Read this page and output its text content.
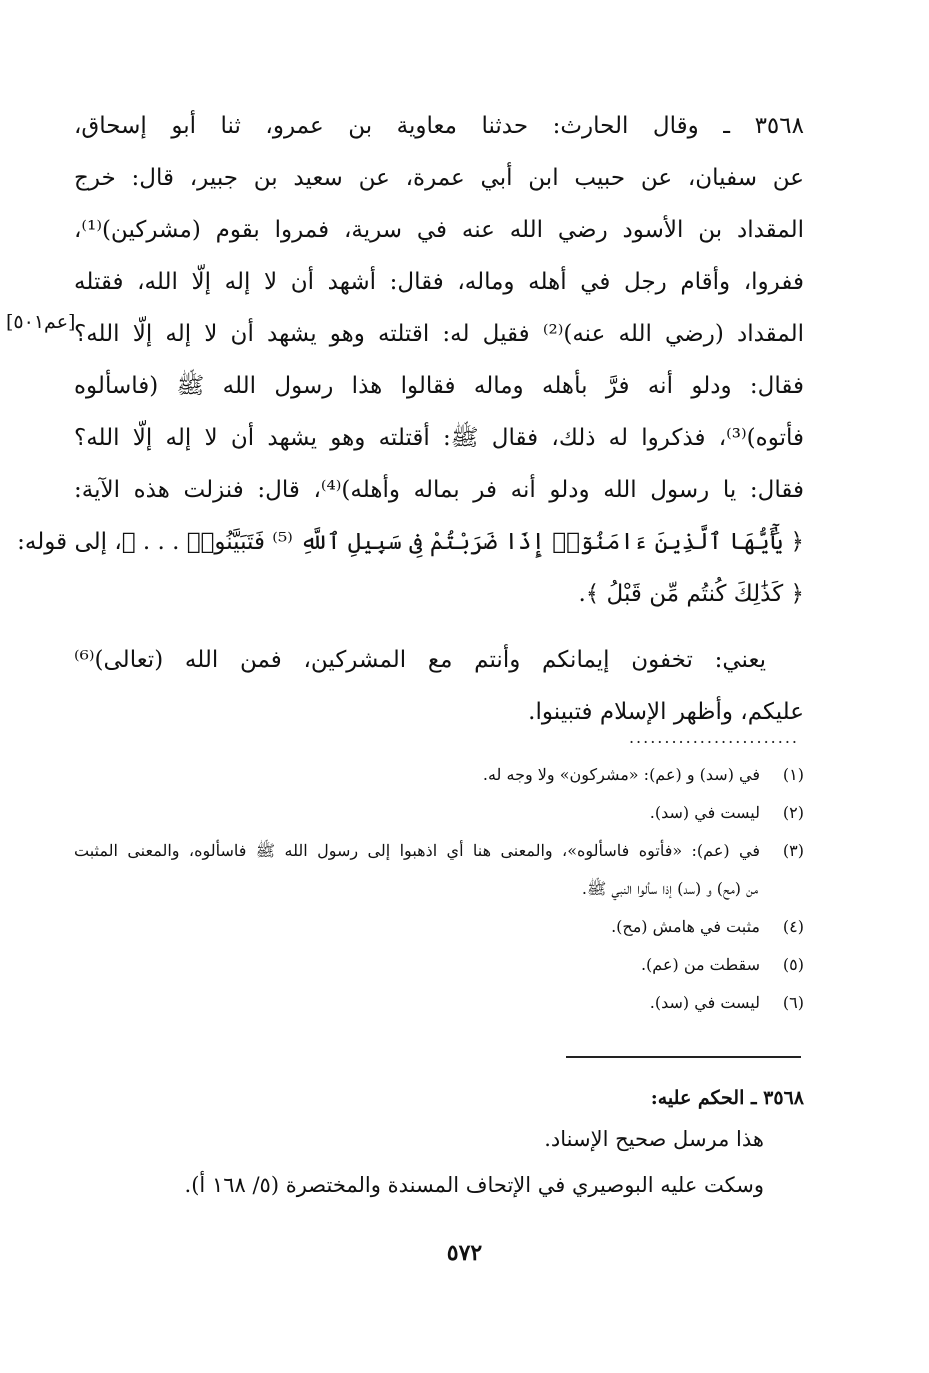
٣٥٦٨ ـ وقال الحارث: حدثنا معاوية بن عمرو، ثنا أبو إسحاق،
عن سفيان، عن حبيب ابن أبي عمرة، عن سعيد بن جبير، قال: خرج
المقداد بن الأسود رضي الله عنه في سرية، فمروا بقوم (مشركين)⁽¹⁾،
ففروا، وأقام رجل في أهله وماله، فقال: أشهد أن لا إله إلّا الله، فقتله
المقداد (رضي الله عنه)⁽²⁾ فقيل له: اقتلته وهو يشهد أن لا إله إلّا الله؟
فقال: ودلو أنه فرَّ بأهله وماله فقالوا هذا رسول الله ﷺ (فاسألوه
فأتوه)⁽³⁾، فذكروا له ذلك، فقال ﷺ: أقتلته وهو يشهد أن لا إله إلّا الله؟
فقال: يا رسول الله ودلو أنه فر بماله وأهله)⁽⁴⁾، قال: فنزلت هذه الآية:
﴿ يَٰٓأَيُّهَا ٱلَّذِينَ ءَامَنُوٓا۟ إِذَا ضَرَبْتُمْ فِى سَبِيلِ ٱللَّهِ ⁽⁵⁾ فَتَبَيَّنُوا۟ . . . ﴾، إلى قوله:
﴿ كَذَٰلِكَ كُنتُم مِّن قَبْلُ ﴾.
يعني: تخفون إيمانكم وأنتم مع المشركين، فمن الله (تعالى)⁽⁶⁾
عليكم، وأظهر الإسلام فتبينوا.
[عم٥٠١]
........................
(١)في (سد) و (عم): «مشركون» ولا وجه له.
(٢)ليست في (سد).
(٣)في (عم): «فأتوه فاسألوه»، والمعنى هنا أي اذهبوا إلى رسول الله ﷺ فاسألوه، والمعنى المثبت
من (مح) و (سد) إذا سألوا النبي ﷺ.
(٤)مثبت في هامش (مح).
(٥)سقطت من (عم).
(٦)ليست في (سد).
٣٥٦٨ ـ الحكم عليه:
هذا مرسل صحيح الإسناد.
وسكت عليه البوصيري في الإتحاف المسندة والمختصرة (٥/ ١٦٨ أ).
٥٧٢
